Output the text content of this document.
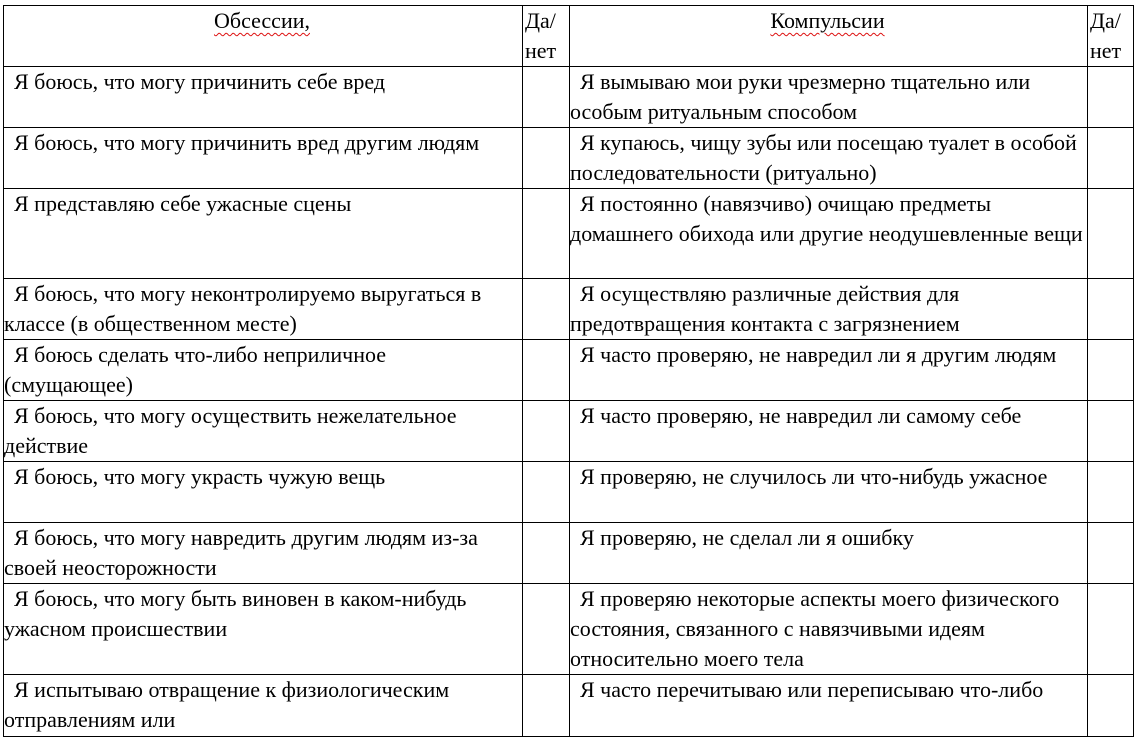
Обсессии,	Да/ нет	Компульсии	Да/ нет
Я боюсь, что могу причинить себе вред		Я вымываю мои руки чрезмерно тщательно или особым ритуальным способом	
Я боюсь, что могу причинить вред другим людям		Я купаюсь, чищу зубы или посещаю туалет в особой последовательности (ритуально)	
Я представляю себе ужасные сцены		Я постоянно (навязчиво) очищаю предметы домашнего обихода или другие неодушевленные вещи	
Я боюсь, что могу неконтролируемо выругаться в классе (в общественном месте)		Я осуществляю различные действия для предотвращения контакта с загрязнением	
Я боюсь сделать что-либо неприличное (смущающее)		Я часто проверяю, не навредил ли я другим людям	
Я боюсь, что могу осуществить нежелательное действие		Я часто проверяю, не навредил ли самому себе	
Я боюсь, что могу украсть чужую вещь		Я проверяю, не случилось ли что-нибудь ужасное	
Я боюсь, что могу навредить другим людям из-за своей неосторожности		Я проверяю, не сделал ли я ошибку	
Я боюсь, что могу быть виновен в каком-нибудь ужасном происшествии		Я проверяю некоторые аспекты моего физического состояния, связанного с навязчивыми идеям относительно моего тела	
Я испытываю отвращение к физиологическим отправлениям или		Я часто перечитываю или переписываю что-либо	
